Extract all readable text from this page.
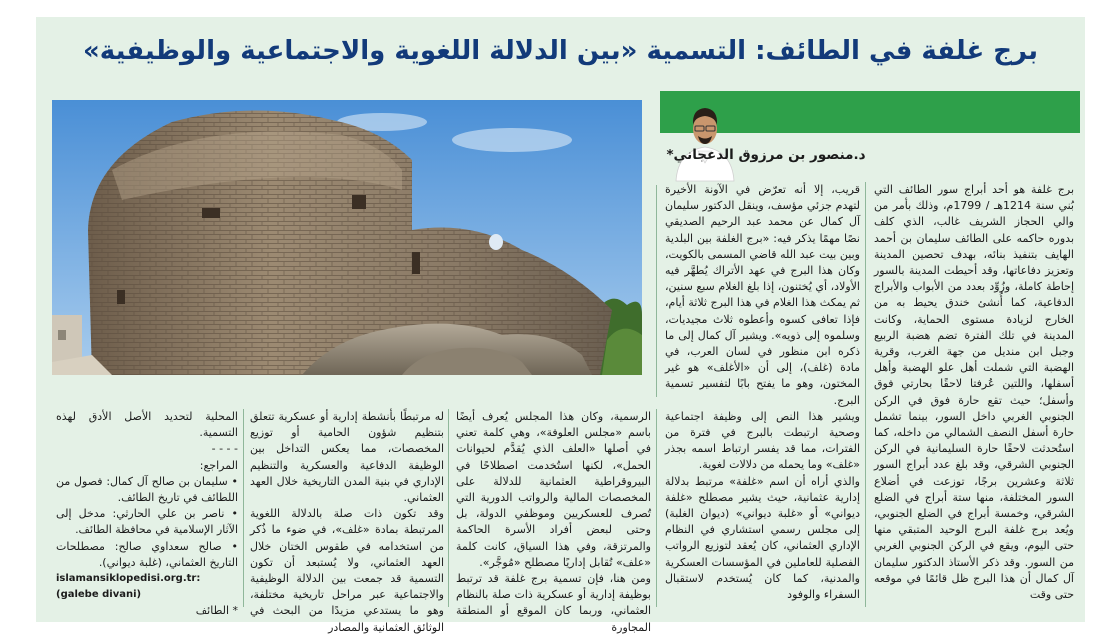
برج غلفة في الطائف: التسمية «بين الدلالة اللغوية والاجتماعية والوظيفية»
د.منصور بن مرزوق الدعجاني*

برج غلفة هو أحد أبراج سور الطائف التي بُني سنة 1214هـ / 1799م، وذلك بأمر من والي الحجاز الشريف غالب، الذي كلف بدوره حاكمه على الطائف سليمان بن أحمد الهايف بتنفيذ بنائه، بهدف تحصين المدينة وتعزيز دفاعاتها، وقد أحيطت المدينة بالسور إحاطة كاملة، وزُوِّد بعدد من الأبواب والأبراج الدفاعية، كما أُنشئ خندق يحيط به من الخارج لزيادة مستوى الحماية، وكانت المدينة في تلك الفترة تضم هضبة الربيع وجبل ابن منديل من جهة الغرب، وقرية الهضبة التي شملت أهل علو الهضبة وأهل أسفلها، واللتين عُرفتا لاحقًا بحارتي فوق وأسفل؛ حيث تقع حارة فوق في الركن الجنوبي الغربي داخل السور، بينما تشمل حارة أسفل النصف الشمالي من داخله، كما استُحدثت لاحقًا حارة السليمانية في الركن الجنوبي الشرقي، وقد بلغ عدد أبراج السور ثلاثة وعشرين برجًا، توزعت في أضلاع السور المختلفة، منها ستة أبراج في الضلع الشرقي، وخمسة أبراج في الضلع الجنوبي، ويُعد برج غلفة البرج الوحيد المتبقي منها حتى اليوم، ويقع في الركن الجنوبي الغربي من السور. وقد ذكر الأستاذ الدكتور سليمان آل كمال أن هذا البرج ظل قائمًا في موقعه حتى وقت

قريب، إلا أنه تعرّض في الآونة الأخيرة لتهدم جزئي مؤسف، وينقل الدكتور سليمان آل كمال عن محمد عبد الرحيم الصديقي نصًا مهمًا يذكر فيه: «برج الغلفة بين البلدية وبين بيت عبد الله قاضي المسمى بالكويت، وكان هذا البرج في عهد الأتراك يُطهَّر فيه الأولاد، أي يُختنون، إذا بلغ الغلام سبع سنين، ثم يمكث هذا الغلام في هذا البرج ثلاثة أيام، فإذا تعافى كسوه وأعطوه ثلاث مجيديات، وسلموه إلى ذويه». ويشير آل كمال إلى ما ذكره ابن منظور في لسان العرب، في مادة (غلف)، إلى أن «الأغلف» هو غير المختون، وهو ما يفتح بابًا لتفسير تسمية البرج.

ويشير هذا النص إلى وظيفة اجتماعية وصحية ارتبطت بالبرج في فترة من الفترات، مما قد يفسر ارتباط اسمه بجذر «غلف» وما يحمله من دلالات لغوية.

والذي أراه أن اسم «غلفة» مرتبط بدلالة إدارية عثمانية، حيث يشير مصطلح «غلفة ديواني» أو «غلبة ديواني» (ديوان الغلبة) إلى مجلس رسمي استشاري في النظام الإداري العثماني، كان يُعقد لتوزيع الرواتب الفصلية للعاملين في المؤسسات العسكرية والمدنية، كما كان يُستخدم لاستقبال السفراء والوفود

الرسمية، وكان هذا المجلس يُعرف أيضًا باسم «مجلس العلوفة»، وهي كلمة تعني في أصلها «العلف الذي يُقدَّم لحيوانات الحمل»، لكنها استُخدمت اصطلاحًا في البيروقراطية العثمانية للدلالة على المخصصات المالية والرواتب الدورية التي تُصرف للعسكريين وموظفي الدولة، بل وحتى لبعض أفراد الأسرة الحاكمة والمرتزقة، وفي هذا السياق، كانت كلمة «علف» تُقابل إداريًا مصطلح «مُوجَّر».

ومن هنا، فإن تسمية برج غلفة قد ترتبط بوظيفة إدارية أو عسكرية ذات صلة بالنظام العثماني، وربما كان الموقع أو المنطقة المجاورة

له مرتبطًا بأنشطة إدارية أو عسكرية تتعلق بتنظيم شؤون الحامية أو توزيع المخصصات، مما يعكس التداخل بين الوظيفة الدفاعية والعسكرية والتنظيم الإداري في بنية المدن التاريخية خلال العهد العثماني.

وقد تكون ذات صلة بالدلالة اللغوية المرتبطة بمادة «غلف»، في ضوء ما ذُكر من استخدامه في طقوس الختان خلال العهد العثماني، ولا يُستبعد أن تكون التسمية قد جمعت بين الدلالة الوظيفية والاجتماعية عبر مراحل تاريخية مختلفة، وهو ما يستدعي مزيدًا من البحث في الوثائق العثمانية والمصادر

المحلية لتحديد الأصل الأدق لهذه التسمية.

- - - -

المراجع:

• سليمان بن صالح آل كمال: فصول من اللطائف في تاريخ الطائف.

• ناصر بن علي الحارثي: مدخل إلى الآثار الإسلامية في محافظة الطائف.

• صالح سعداوي صالح: مصطلحات التاريخ العثماني، (غلبة ديواني).

islamansiklopedisi.org.tr: (galebe divani)

* الطائف
